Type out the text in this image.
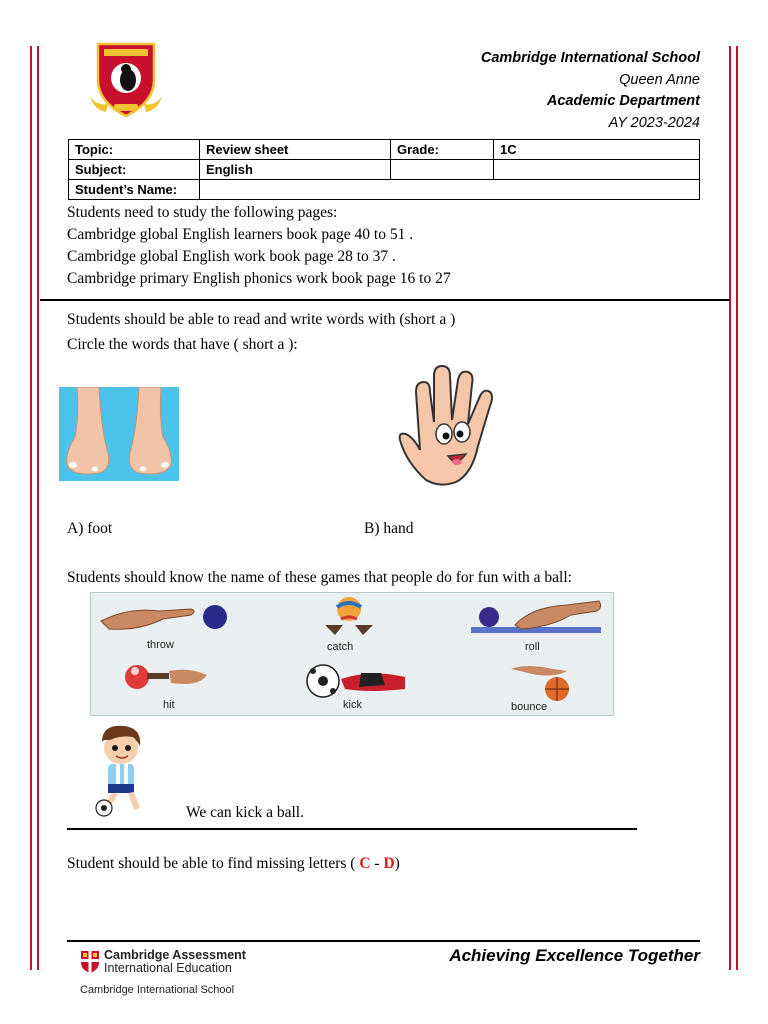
Cambridge International School
Queen Anne
Academic Department
AY 2023-2024
Topic:	Review sheet	Grade:	1C
Subject:	English		
Student’s Name:			
Students need to study the following pages:
Cambridge global English learners book page 40 to 51 .
Cambridge global English work book page 28 to 37 .
Cambridge primary English phonics work book page 16 to 27
Students should be able to read and write words with (short a )
Circle the words that have ( short a ):
A) foot	B) hand
Students should know the name of these games that people do for fun with a ball:
throw	catch	roll
hit	kick	bounce
We can kick a ball.
Student should be able to find missing letters ( C - D)
Cambridge Assessment
International Education
Cambridge International School
Achieving Excellence Together
